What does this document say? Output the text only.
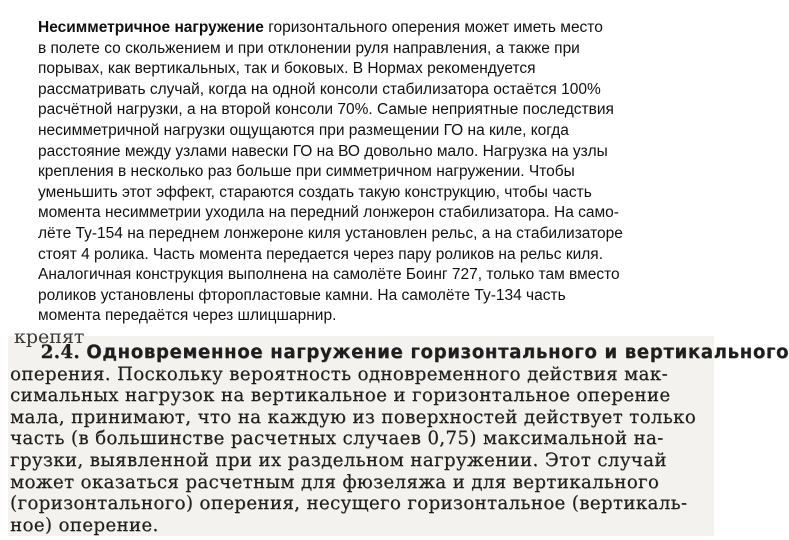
Несимметричное нагружение горизонтального оперения может иметь место
в полете со скольжением и при отклонении руля направления, а также при
порывах, как вертикальных, так и боковых. В Нормах рекомендуется
рассматривать случай, когда на одной консоли стабилизатора остаётся 100%
расчётной нагрузки, а на второй консоли 70%. Самые неприятные последствия
несимметричной нагрузки ощущаются при размещении ГО на киле, когда
расстояние между узлами навески ГО на ВО довольно мало. Нагрузка на узлы
крепления в несколько раз больше при симметричном нагружении. Чтобы
уменьшить этот эффект, стараются создать такую конструкцию, чтобы часть
момента несимметрии уходила на передний лонжерон стабилизатора. На само-
лёте Ту-154 на переднем лонжероне киля установлен рельс, а на стабилизаторе
стоят 4 ролика. Часть момента передается через пару роликов на рельс киля.
Аналогичная конструкция выполнена на самолёте Боинг 727, только там вместо
роликов установлены фторопластовые камни. На самолёте Ту-134 часть
момента передаётся через шлицшарнир.
крепят
2.4. Одновременное нагружение горизонтального и вертикального
оперения. Поскольку вероятность одновременного действия мак-
симальных нагрузок на вертикальное и горизонтальное оперение
мала, принимают, что на каждую из поверхностей действует только
часть (в большинстве расчетных случаев 0,75) максимальной на-
грузки, выявленной при их раздельном нагружении. Этот случай
может оказаться расчетным для фюзеляжа и для вертикального
(горизонтального) оперения, несущего горизонтальное (вертикаль-
ное) оперение.
